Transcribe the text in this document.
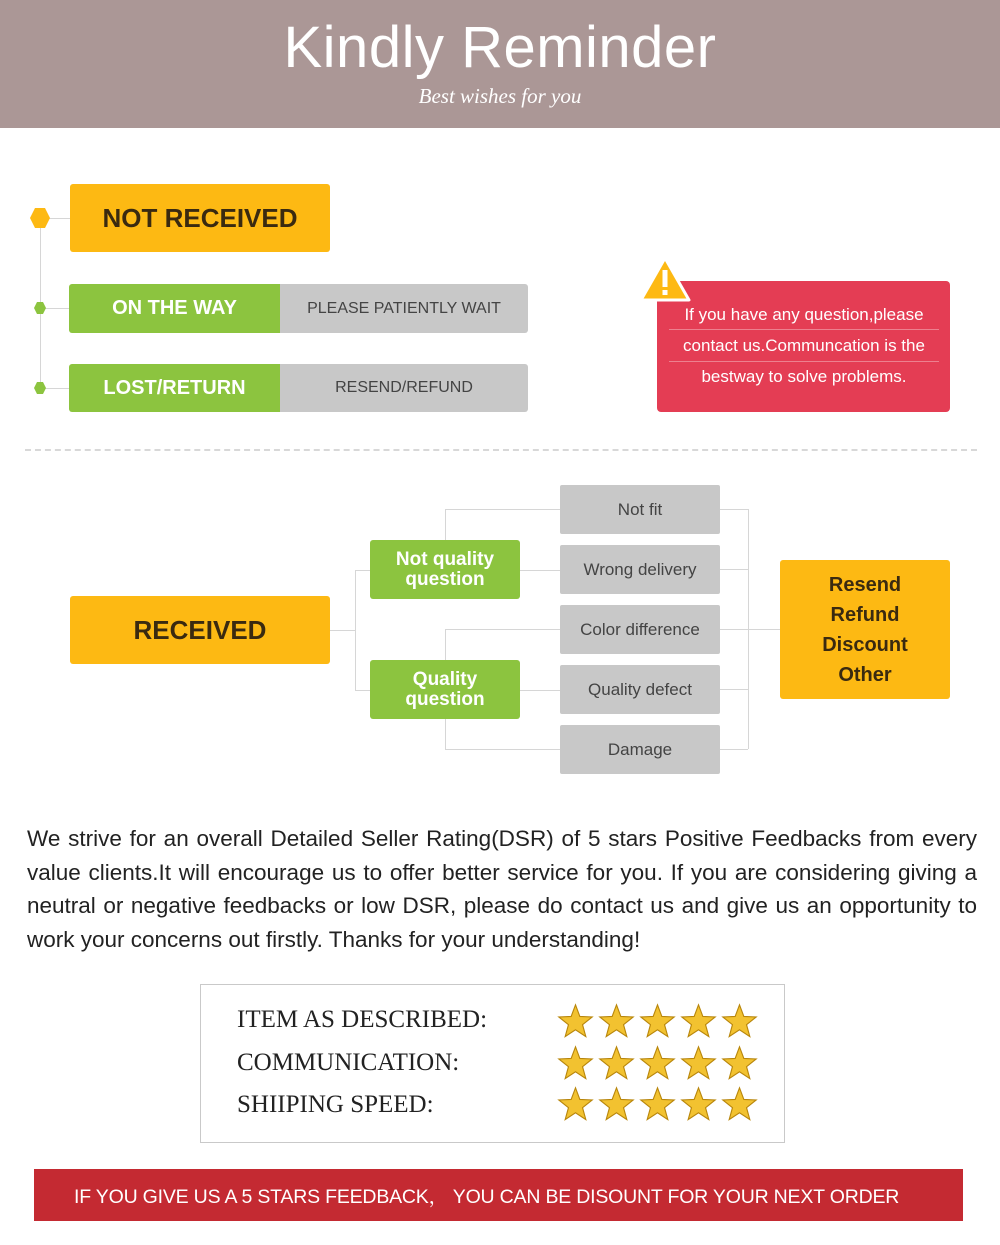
Kindly Reminder
Best wishes for you
NOT RECEIVED
ON THE WAY	PLEASE PATIENTLY WAIT
LOST/RETURN	RESEND/REFUND
If you have any question,please
contact us.Communcation is the
bestway to solve problems.
RECEIVED
Not quality
question
Quality
question
Not fit
Wrong delivery
Color difference
Quality defect
Damage
Resend
Refund
Discount
Other
We strive for an overall Detailed Seller Rating(DSR) of 5 stars Positive Feedbacks from every
value clients.It will encourage us to offer better service for you. If you are considering giving a
neutral or negative feedbacks or low DSR, please do contact us and give us an opportunity to
work your concerns out firstly. Thanks for your understanding!
ITEM AS DESCRIBED:
COMMUNICATION:
SHIIPING SPEED:
IF YOU GIVE US A 5 STARS FEEDBACK， YOU CAN BE DISOUNT FOR YOUR NEXT ORDER
